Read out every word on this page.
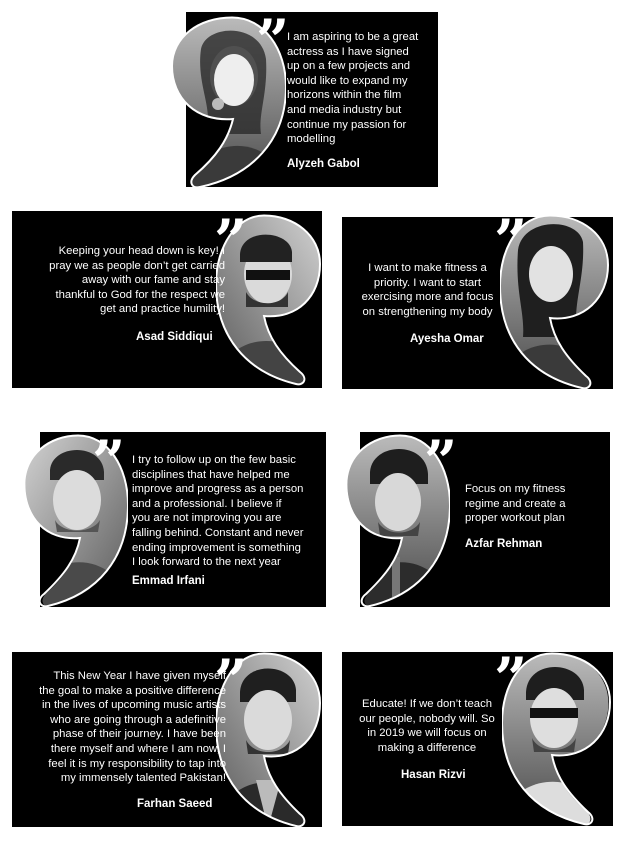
” I am aspiring to be a great
actress as I have signed
up on a few projects and
would like to expand my
horizons within the film
and media industry but
continue my passion for
modelling
Alyzeh Gabol
”
Keeping your head down is key! I
pray we as people don’t get carried
away with our fame and stay
thankful to God for the respect we
get and practice humility!
Asad Siddiqui
”
I want to make fitness a
priority. I want to start
exercising more and focus
on strengthening my body
Ayesha Omar
” I try to follow up on the few basic
disciplines that have helped me
improve and progress as a person
and a professional. I believe if
you are not improving you are
falling behind. Constant and never
ending improvement is something
I look forward to the next year
Emmad Irfani
” Focus on my fitness
regime and create a
proper workout plan
Azfar Rehman
”
This New Year I have given myself
the goal to make a positive difference
in the lives of upcoming music artists
who are going through a adefinitive
phase of their journey. I have been
there myself and where I am now, I
feel it is my responsibility to tap into
my immensely talented Pakistan!
Farhan Saeed
”
Educate! If we don’t teach
our people, nobody will. So
in 2019 we will focus on
making a difference
Hasan Rizvi
